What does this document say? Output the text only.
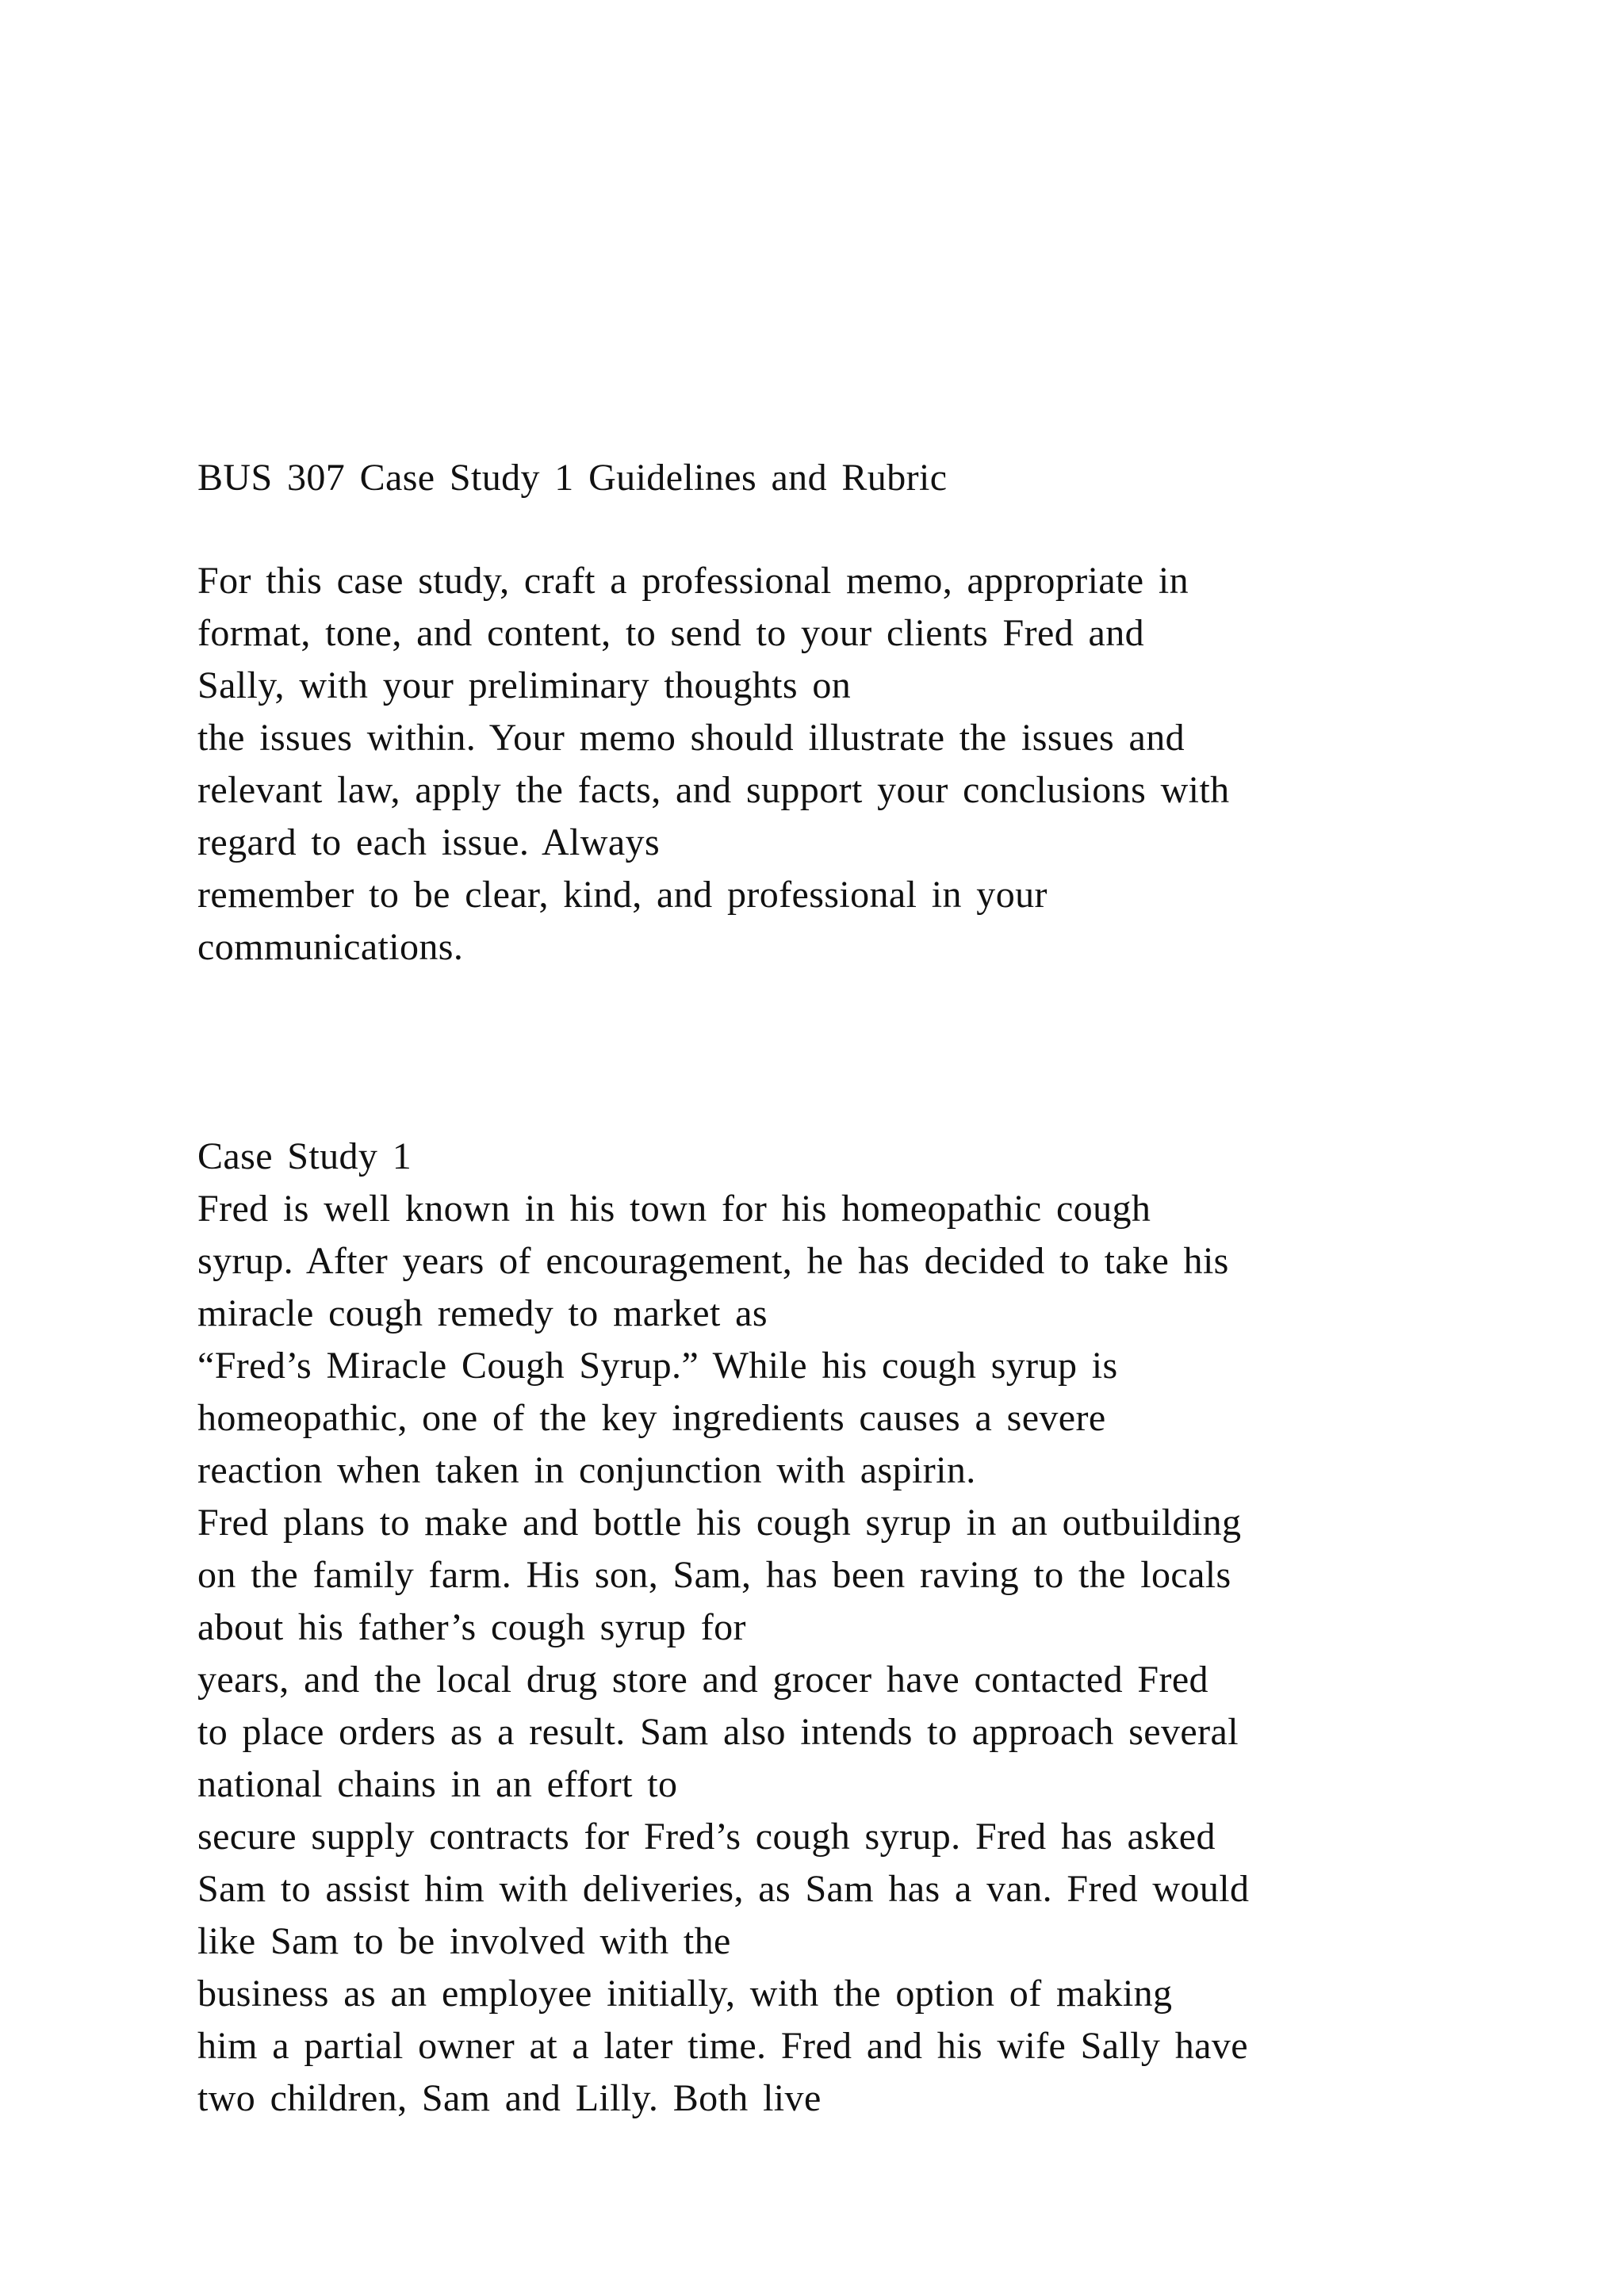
BUS 307 Case Study 1 Guidelines and Rubric
For this case study, craft a professional memo, appropriate in
format, tone, and content, to send to your clients Fred and
Sally, with your preliminary thoughts on
the issues within. Your memo should illustrate the issues and
relevant law, apply the facts, and support your conclusions with
regard to each issue. Always
remember to be clear, kind, and professional in your
communications.
Case Study 1
Fred is well known in his town for his homeopathic cough
syrup. After years of encouragement, he has decided to take his
miracle cough remedy to market as
“Fred’s Miracle Cough Syrup.” While his cough syrup is
homeopathic, one of the key ingredients causes a severe
reaction when taken in conjunction with aspirin.
Fred plans to make and bottle his cough syrup in an outbuilding
on the family farm. His son, Sam, has been raving to the locals
about his father’s cough syrup for
years, and the local drug store and grocer have contacted Fred
to place orders as a result. Sam also intends to approach several
national chains in an effort to
secure supply contracts for Fred’s cough syrup. Fred has asked
Sam to assist him with deliveries, as Sam has a van. Fred would
like Sam to be involved with the
business as an employee initially, with the option of making
him a partial owner at a later time. Fred and his wife Sally have
two children, Sam and Lilly. Both live
